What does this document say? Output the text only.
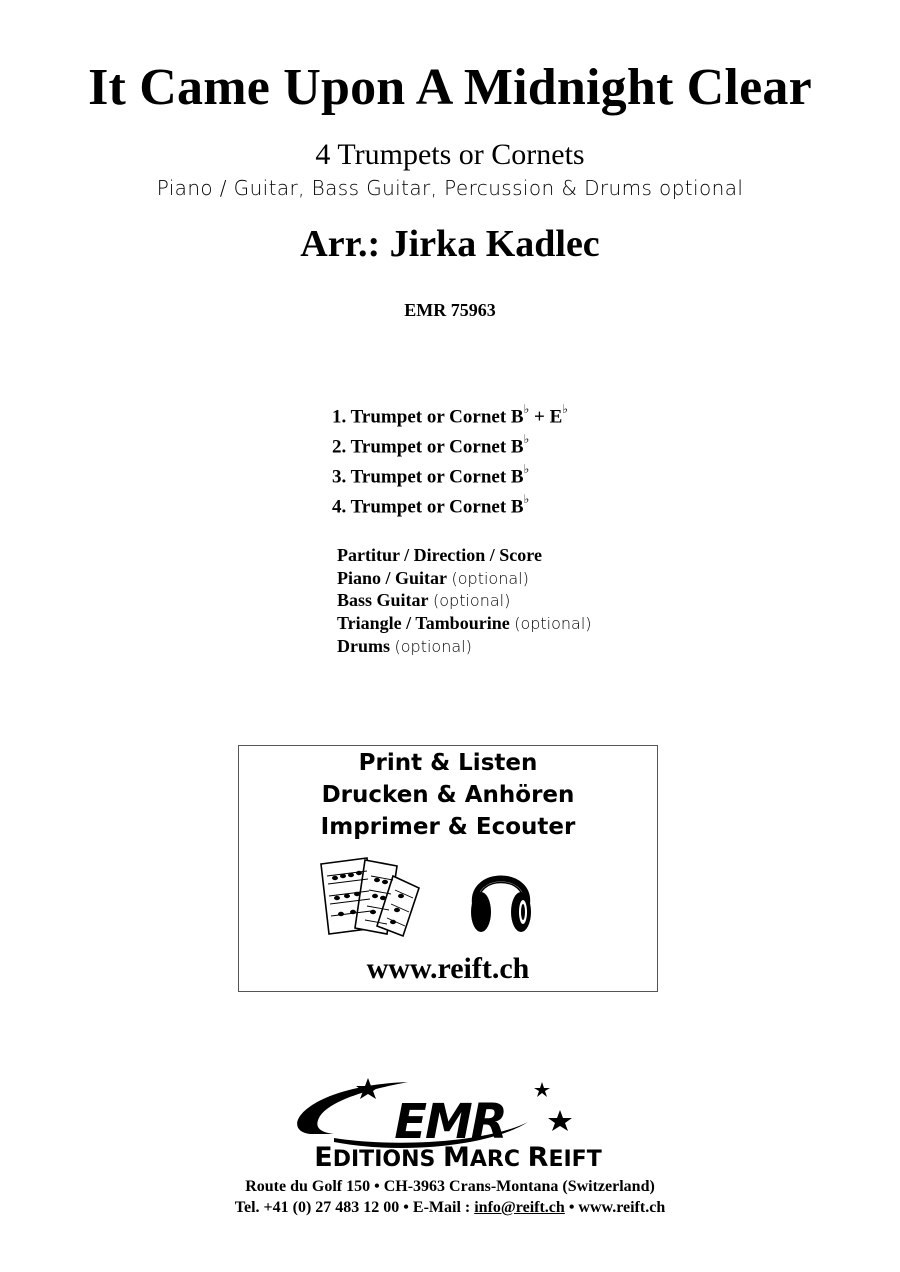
It Came Upon A Midnight Clear
4 Trumpets or Cornets
Piano / Guitar, Bass Guitar, Percussion & Drums optional
Arr.: Jirka Kadlec
EMR 75963
1. Trumpet or Cornet B♭ + E♭
2. Trumpet or Cornet B♭
3. Trumpet or Cornet B♭
4. Trumpet or Cornet B♭
Partitur / Direction / Score
Piano / Guitar (optional)
Bass Guitar (optional)
Triangle / Tambourine (optional)
Drums (optional)
Print & Listen
Drucken & Anhören
Imprimer & Ecouter
www.reift.ch
EMR
EDITIONS MARC REIFT
Route du Golf 150 • CH-3963 Crans-Montana (Switzerland)
Tel. +41 (0) 27 483 12 00 • E-Mail : info@reift.ch • www.reift.ch
